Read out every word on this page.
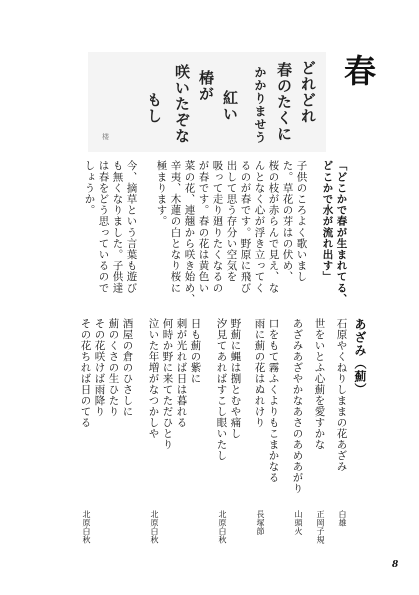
どれどれ
春のたくに
かかりませう
紅い
椿が
咲いたぞな
もし
楼
春
「どこかで春が生まれてる、
どこかで水が流れ出す」
子供のころよく歌いまし
た。草花の芽はの伏め、
桜の枝が赤らんで見え、な
んとなく心が浮き立ってく
るのが春です。野原に飛び
出して思う存分い空気を
吸って走り廻りたくなるの
が春です。春の花は黄色い
菜の花、連翹から咲き始め、
辛夷、木蓮の白となり桜に
極まります。
今、摘草という言葉も遊び
も無くなりました。子供達
は春をどう思っているので
しょうか。
あざみ（薊）
石原やくねりしままの花あざみ
白雄
世をいとふ心薊を愛すかな
正岡子規
あざみあざやかなあさのあめあがり
山頭火
口をもて霧ふくよりもこまかなる
雨に薊の花はぬれけり
長塚節
野薊に蝿は捌とむや痛し
汐見てあればすこし眼いたし
北原白秋
日も薊の紫に
刺が光れば日は暮れる
何時か野に来てただひとり
泣いた年増がなつかしや
北原白秋
酒屋の倉のひさしに
薊のくさの生ひたり
その花咲けば雨降り
その花ちれば日のてる
北原白秋
8
